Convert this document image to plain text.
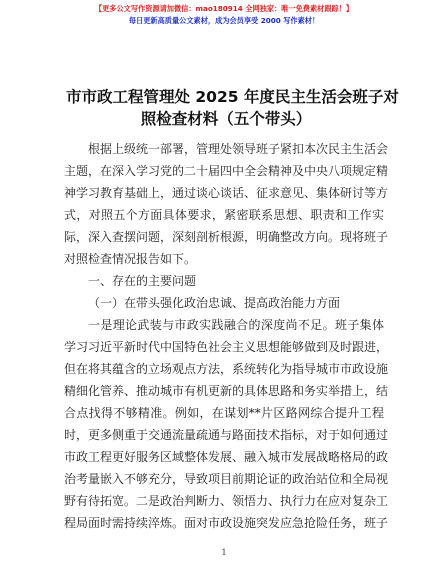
【更多公文写作资源请加微信：mao180914 全网独家：唯一免费素材跟踪！】
每日更新高质量公文素材，成为会员享受 2000 写作素材！
市市政工程管理处 2025 年度民主生活会班子对
照检查材料（五个带头）
根据上级统一部署，管理处领导班子紧扣本次民主生活会
主题，在深入学习党的二十届四中全会精神及中央八项规定精
神学习教育基础上，通过谈心谈话、征求意见、集体研讨等方
式，对照五个方面具体要求，紧密联系思想、职责和工作实
际，深入查摆问题，深刻剖析根源，明确整改方向。现将班子
对照检查情况报告如下。
一、存在的主要问题
（一）在带头强化政治忠诚、提高政治能力方面
一是理论武装与市政实践融合的深度尚不足。班子集体
学习习近平新时代中国特色社会主义思想能够做到及时跟进，
但在将其蕴含的立场观点方法，系统转化为指导城市市政设施
精细化管养、推动城市有机更新的具体思路和务实举措上，结
合点找得不够精准。例如，在谋划**片区路网综合提升工程
时，更多侧重于交通流量疏通与路面技术指标，对于如何通过
市政工程更好服务区域整体发展、融入城市发展战略格局的政
治考量嵌入不够充分，导致项目前期论证的政治站位和全局视
野有待拓宽。二是政治判断力、领悟力、执行力在应对复杂工
程局面时需持续淬炼。面对市政设施突发应急抢险任务，班子
1
